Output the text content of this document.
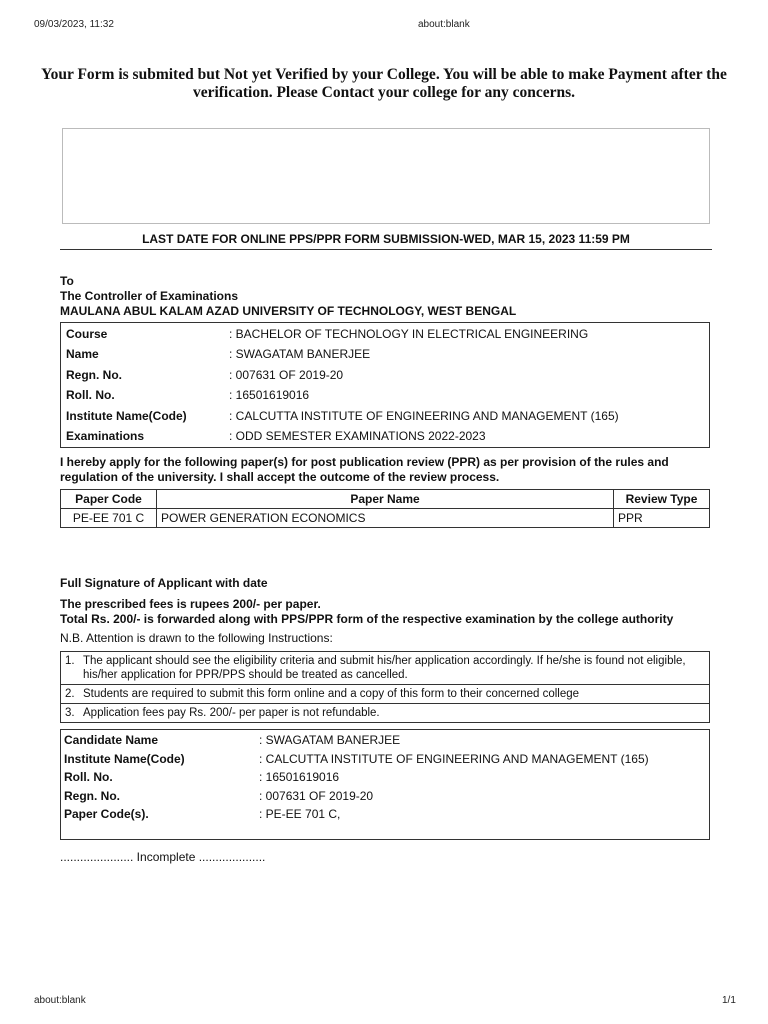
09/03/2023, 11:32	about:blank
Your Form is submited but Not yet Verified by your College. You will be able to make Payment after the verification. Please Contact your college for any concerns.
LAST DATE FOR ONLINE PPS/PPR FORM SUBMISSION-WED, MAR 15, 2023 11:59 PM
To
The Controller of Examinations
MAULANA ABUL KALAM AZAD UNIVERSITY OF TECHNOLOGY, WEST BENGAL
Course	: BACHELOR OF TECHNOLOGY IN ELECTRICAL ENGINEERING
Name	: SWAGATAM BANERJEE
Regn. No.	: 007631 OF 2019-20
Roll. No.	: 16501619016
Institute Name(Code)	: CALCUTTA INSTITUTE OF ENGINEERING AND MANAGEMENT (165)
Examinations	: ODD SEMESTER EXAMINATIONS 2022-2023
I hereby apply for the following paper(s) for post publication review (PPR) as per provision of the rules and regulation of the university. I shall accept the outcome of the review process.
Paper Code	Paper Name	Review Type
PE-EE 701 C	POWER GENERATION ECONOMICS	PPR
Full Signature of Applicant with date
The prescribed fees is rupees 200/- per paper.
Total Rs. 200/- is forwarded along with PPS/PPR form of the respective examination by the college authority
N.B. Attention is drawn to the following Instructions:
1. The applicant should see the eligibility criteria and submit his/her application accordingly. If he/she is found not eligible, his/her application for PPR/PPS should be treated as cancelled.
2. Students are required to submit this form online and a copy of this form to their concerned college
3. Application fees pay Rs. 200/- per paper is not refundable.
Candidate Name	: SWAGATAM BANERJEE
Institute Name(Code)	: CALCUTTA INSTITUTE OF ENGINEERING AND MANAGEMENT (165)
Roll. No.	: 16501619016
Regn. No.	: 007631 OF 2019-20
Paper Code(s).	: PE-EE 701 C,
...................... Incomplete ....................
about:blank	1/1
